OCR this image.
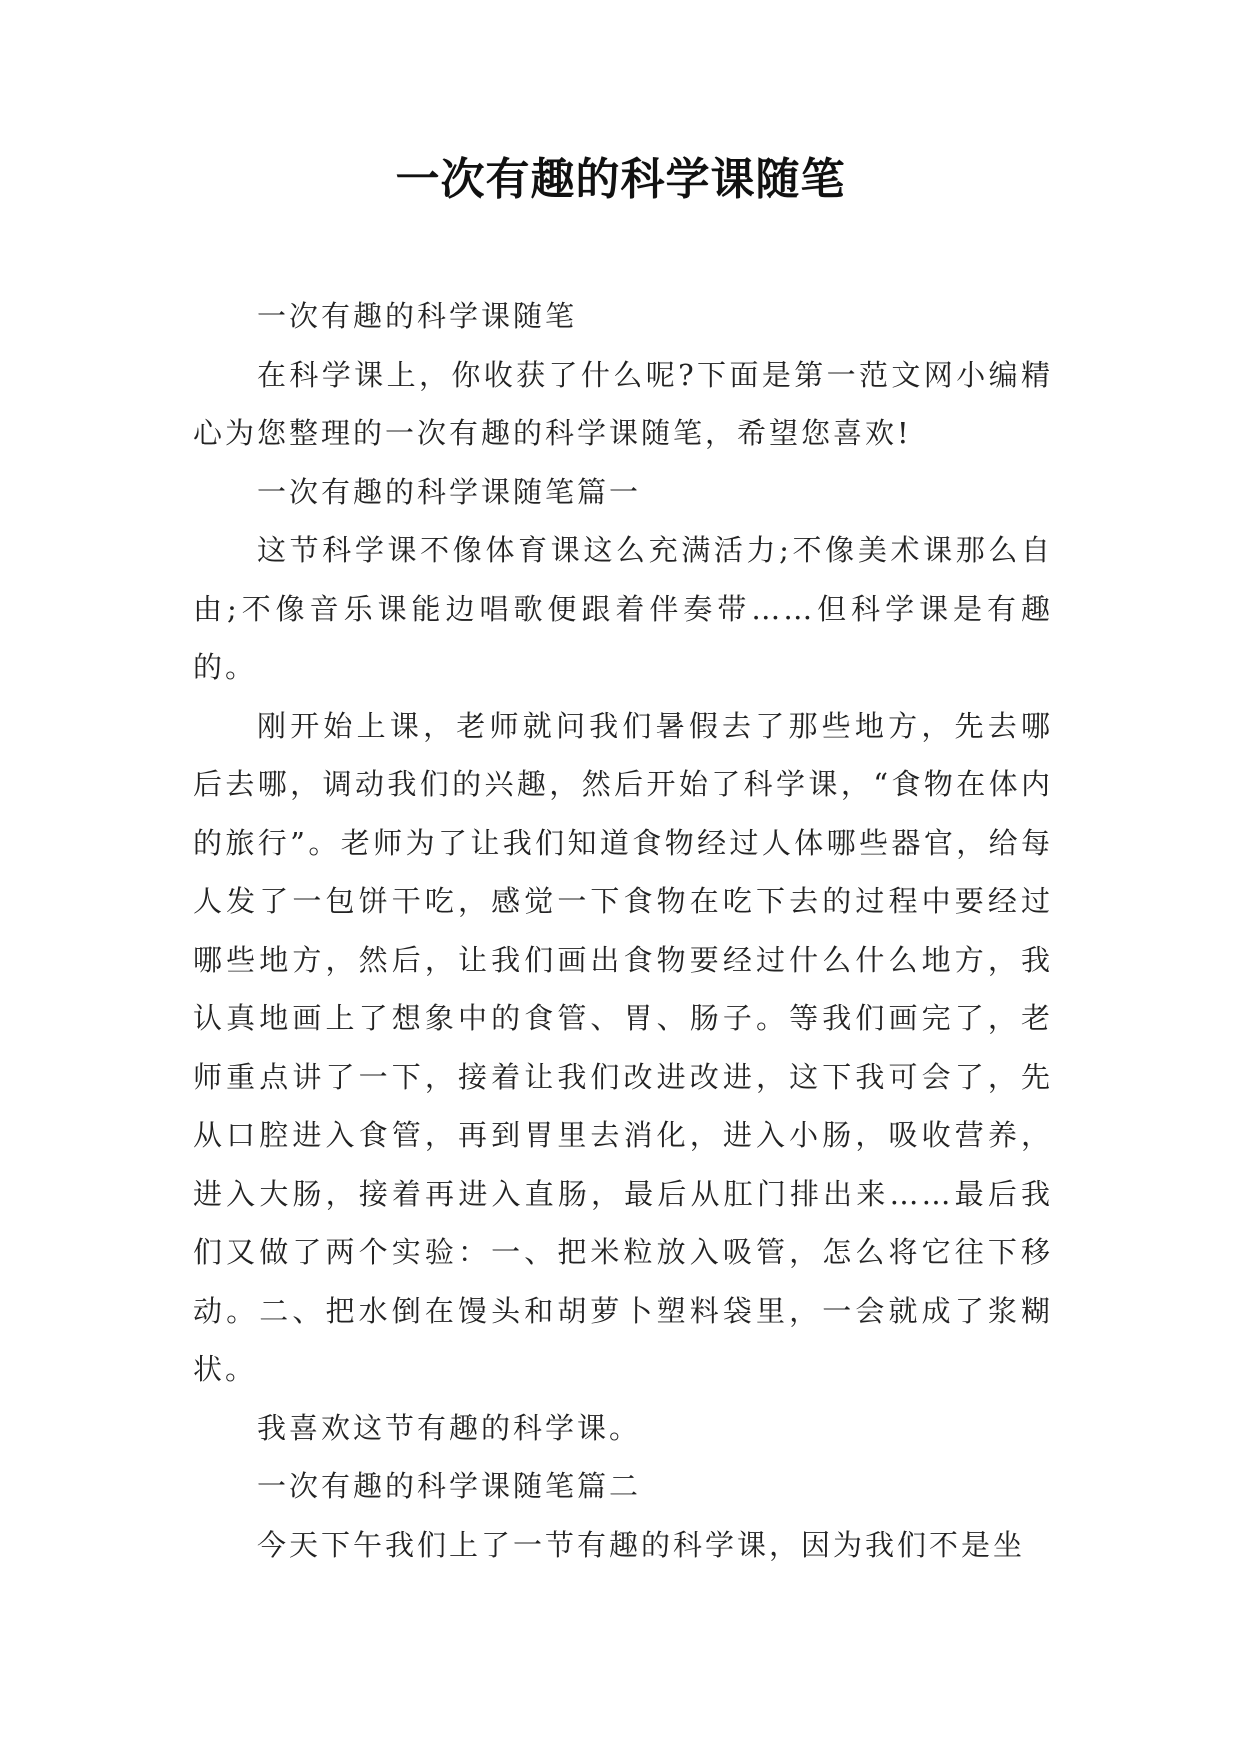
一次有趣的科学课随笔

一次有趣的科学课随笔

在科学课上，你收获了什么呢?下面是第一范文网小编精心为您整理的一次有趣的科学课随笔，希望您喜欢!

一次有趣的科学课随笔篇一

这节科学课不像体育课这么充满活力;不像美术课那么自由;不像音乐课能边唱歌便跟着伴奏带……但科学课是有趣的。

刚开始上课，老师就问我们暑假去了那些地方，先去哪后去哪，调动我们的兴趣，然后开始了科学课，“食物在体内的旅行”。老师为了让我们知道食物经过人体哪些器官，给每人发了一包饼干吃，感觉一下食物在吃下去的过程中要经过哪些地方，然后，让我们画出食物要经过什么什么地方，我认真地画上了想象中的食管、胃、肠子。等我们画完了，老师重点讲了一下，接着让我们改进改进，这下我可会了，先从口腔进入食管，再到胃里去消化，进入小肠，吸收营养，进入大肠，接着再进入直肠，最后从肛门排出来……最后我们又做了两个实验：一、把米粒放入吸管，怎么将它往下移动。二、把水倒在馒头和胡萝卜塑料袋里，一会就成了浆糊状。

我喜欢这节有趣的科学课。

一次有趣的科学课随笔篇二

今天下午我们上了一节有趣的科学课，因为我们不是坐
